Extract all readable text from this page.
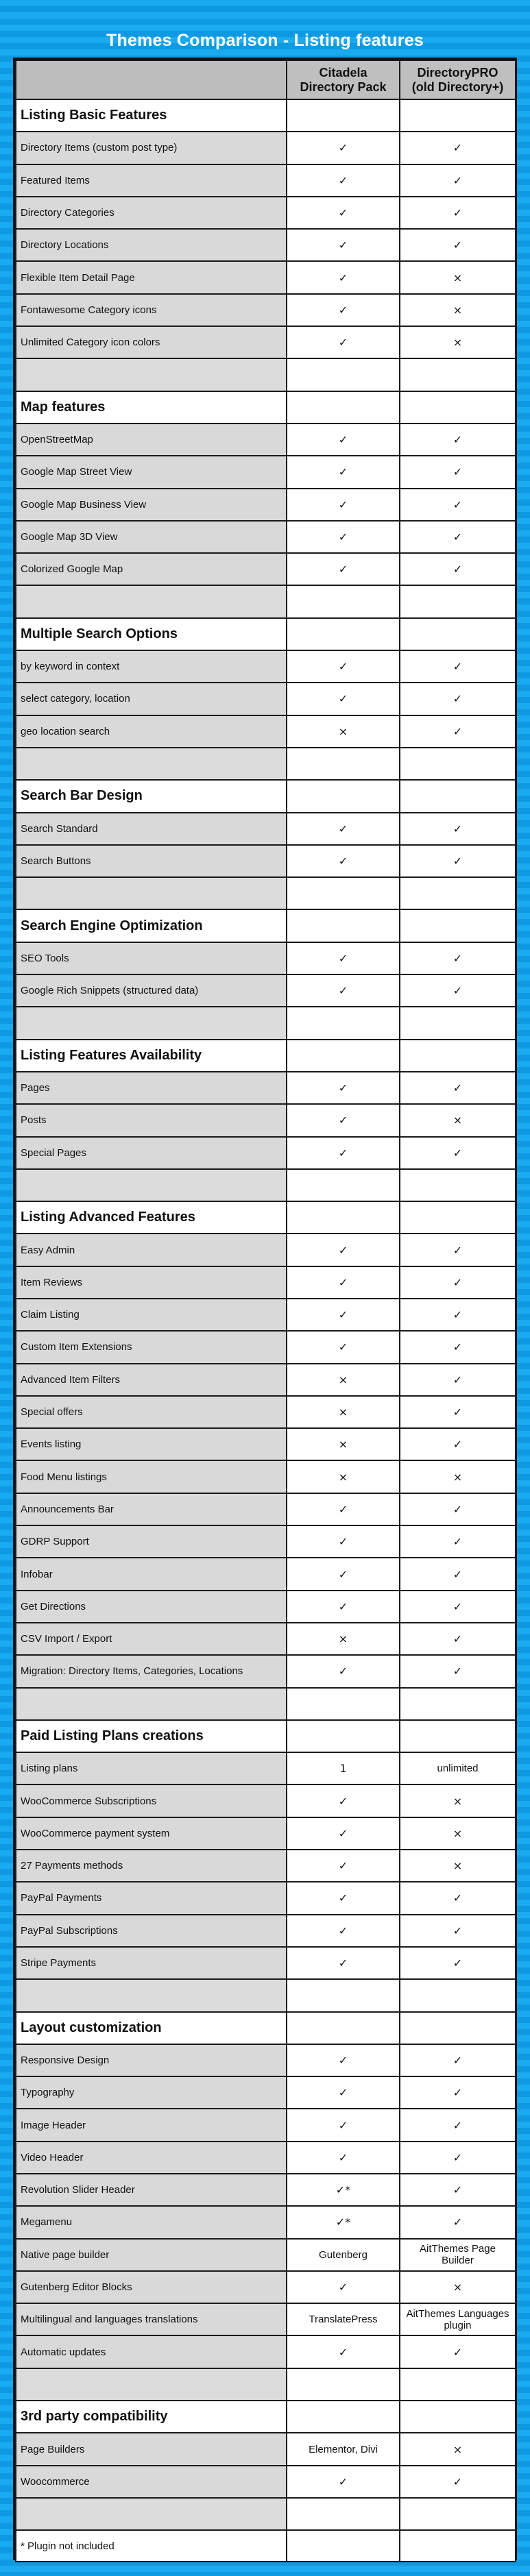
Themes Comparison - Listing features
	Citadela Directory Pack	DirectoryPRO (old Directory+)
Listing Basic Features		
Directory Items (custom post type)	✓	✓
Featured Items	✓	✓
Directory Categories	✓	✓
Directory Locations	✓	✓
Flexible Item Detail Page	✓	×
Fontawesome Category icons	✓	×
Unlimited Category icon colors	✓	×

Map features		
OpenStreetMap	✓	✓
Google Map Street View	✓	✓
Google Map Business View	✓	✓
Google Map 3D View	✓	✓
Colorized Google Map	✓	✓

Multiple Search Options		
by keyword in context	✓	✓
select category, location	✓	✓
geo location search	×	✓

Search Bar Design		
Search Standard	✓	✓
Search Buttons	✓	✓

Search Engine Optimization		
SEO Tools	✓	✓
Google Rich Snippets (structured data)	✓	✓

Listing Features Availability		
Pages	✓	✓
Posts	✓	×
Special Pages	✓	✓

Listing Advanced Features		
Easy Admin	✓	✓
Item Reviews	✓	✓
Claim Listing	✓	✓
Custom Item Extensions	✓	✓
Advanced Item Filters	×	✓
Special offers	×	✓
Events listing	×	✓
Food Menu listings	×	×
Announcements Bar	✓	✓
GDRP Support	✓	✓
Infobar	✓	✓
Get Directions	✓	✓
CSV Import / Export	×	✓
Migration: Directory Items, Categories, Locations	✓	✓

Paid Listing Plans creations		
Listing plans	1	unlimited
WooCommerce Subscriptions	✓	×
WooCommerce payment system	✓	×
27 Payments methods	✓	×
PayPal Payments	✓	✓
PayPal Subscriptions	✓	✓
Stripe Payments	✓	✓

Layout customization		
Responsive Design	✓	✓
Typography	✓	✓
Image Header	✓	✓
Video Header	✓	✓
Revolution Slider Header	✓*	✓
Megamenu	✓*	✓
Native page builder	Gutenberg	AitThemes Page Builder
Gutenberg Editor Blocks	✓	×
Multilingual and languages translations	TranslatePress	AitThemes Languages plugin
Automatic updates	✓	✓

3rd party compatibility		
Page Builders	Elementor, Divi	×
Woocommerce	✓	✓

* Plugin not included		
